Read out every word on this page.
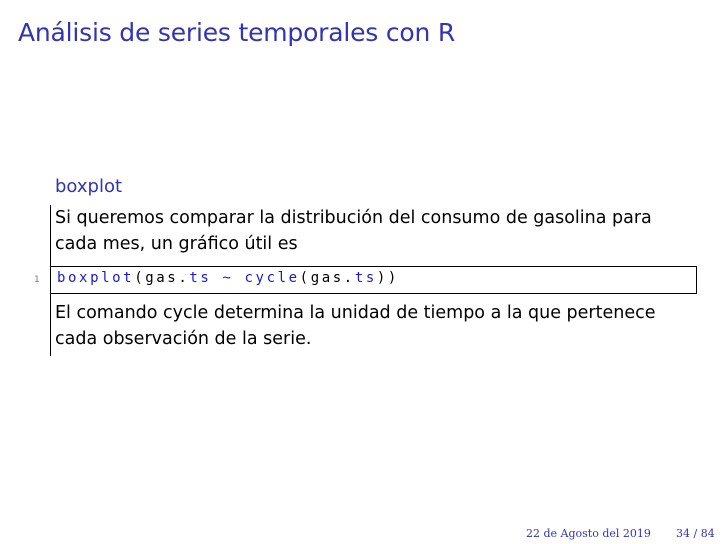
Análisis de series temporales con R
boxplot

Si queremos comparar la distribución del consumo de gasolina para

cada mes, un gráfico útil es

1 boxplot(gas.ts ~ cycle(gas.ts))

El comando cycle determina la unidad de tiempo a la que pertenece

cada observación de la serie.

22 de Agosto del 2019 34 / 84
